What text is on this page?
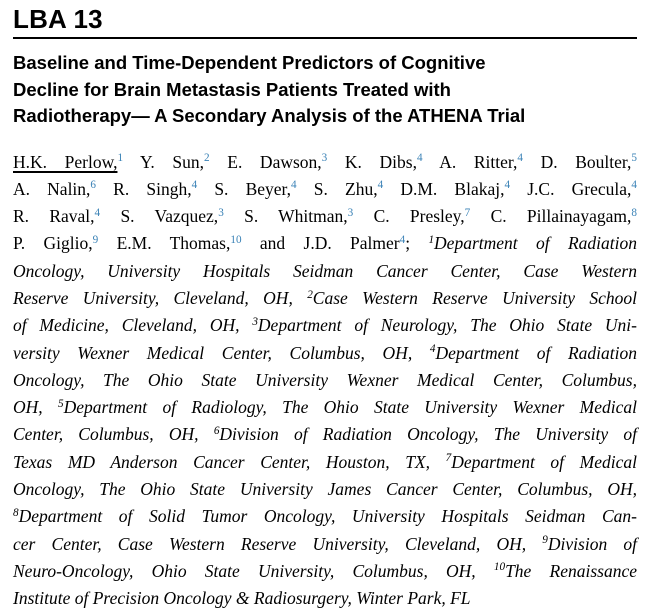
LBA 13
Baseline and Time-Dependent Predictors of Cognitive
Decline for Brain Metastasis Patients Treated with
Radiotherapy— A Secondary Analysis of the ATHENA Trial
H.K. Perlow,$^1$ Y. Sun,$^2$ E. Dawson,$^3$ K. Dibs,$^4$ A. Ritter,$^4$ D. Boulter,$^5$
A. Nalin,$^6$ R. Singh,$^4$ S. Beyer,$^4$ S. Zhu,$^4$ D.M. Blakaj,$^4$ J.C. Grecula,$^4$
R. Raval,$^4$ S. Vazquez,$^3$ S. Whitman,$^3$ C. Presley,$^7$ C. Pillainayagam,$^8$
P. Giglio,$^9$ E.M. Thomas,$^{10}$ and J.D. Palmer$^4$; $^1$Department of Radiation
Oncology, University Hospitals Seidman Cancer Center, Case Western
Reserve University, Cleveland, OH, $^2$Case Western Reserve University School
of Medicine, Cleveland, OH, $^3$Department of Neurology, The Ohio State Uni-
versity Wexner Medical Center, Columbus, OH, $^4$Department of Radiation
Oncology, The Ohio State University Wexner Medical Center, Columbus,
OH, $^5$Department of Radiology, The Ohio State University Wexner Medical
Center, Columbus, OH, $^6$Division of Radiation Oncology, The University of
Texas MD Anderson Cancer Center, Houston, TX, $^7$Department of Medical
Oncology, The Ohio State University James Cancer Center, Columbus, OH,
$^8$Department of Solid Tumor Oncology, University Hospitals Seidman Can-
cer Center, Case Western Reserve University, Cleveland, OH, $^9$Division of
Neuro-Oncology, Ohio State University, Columbus, OH, $^{10}$The Renaissance
Institute of Precision Oncology & Radiosurgery, Winter Park, FL
